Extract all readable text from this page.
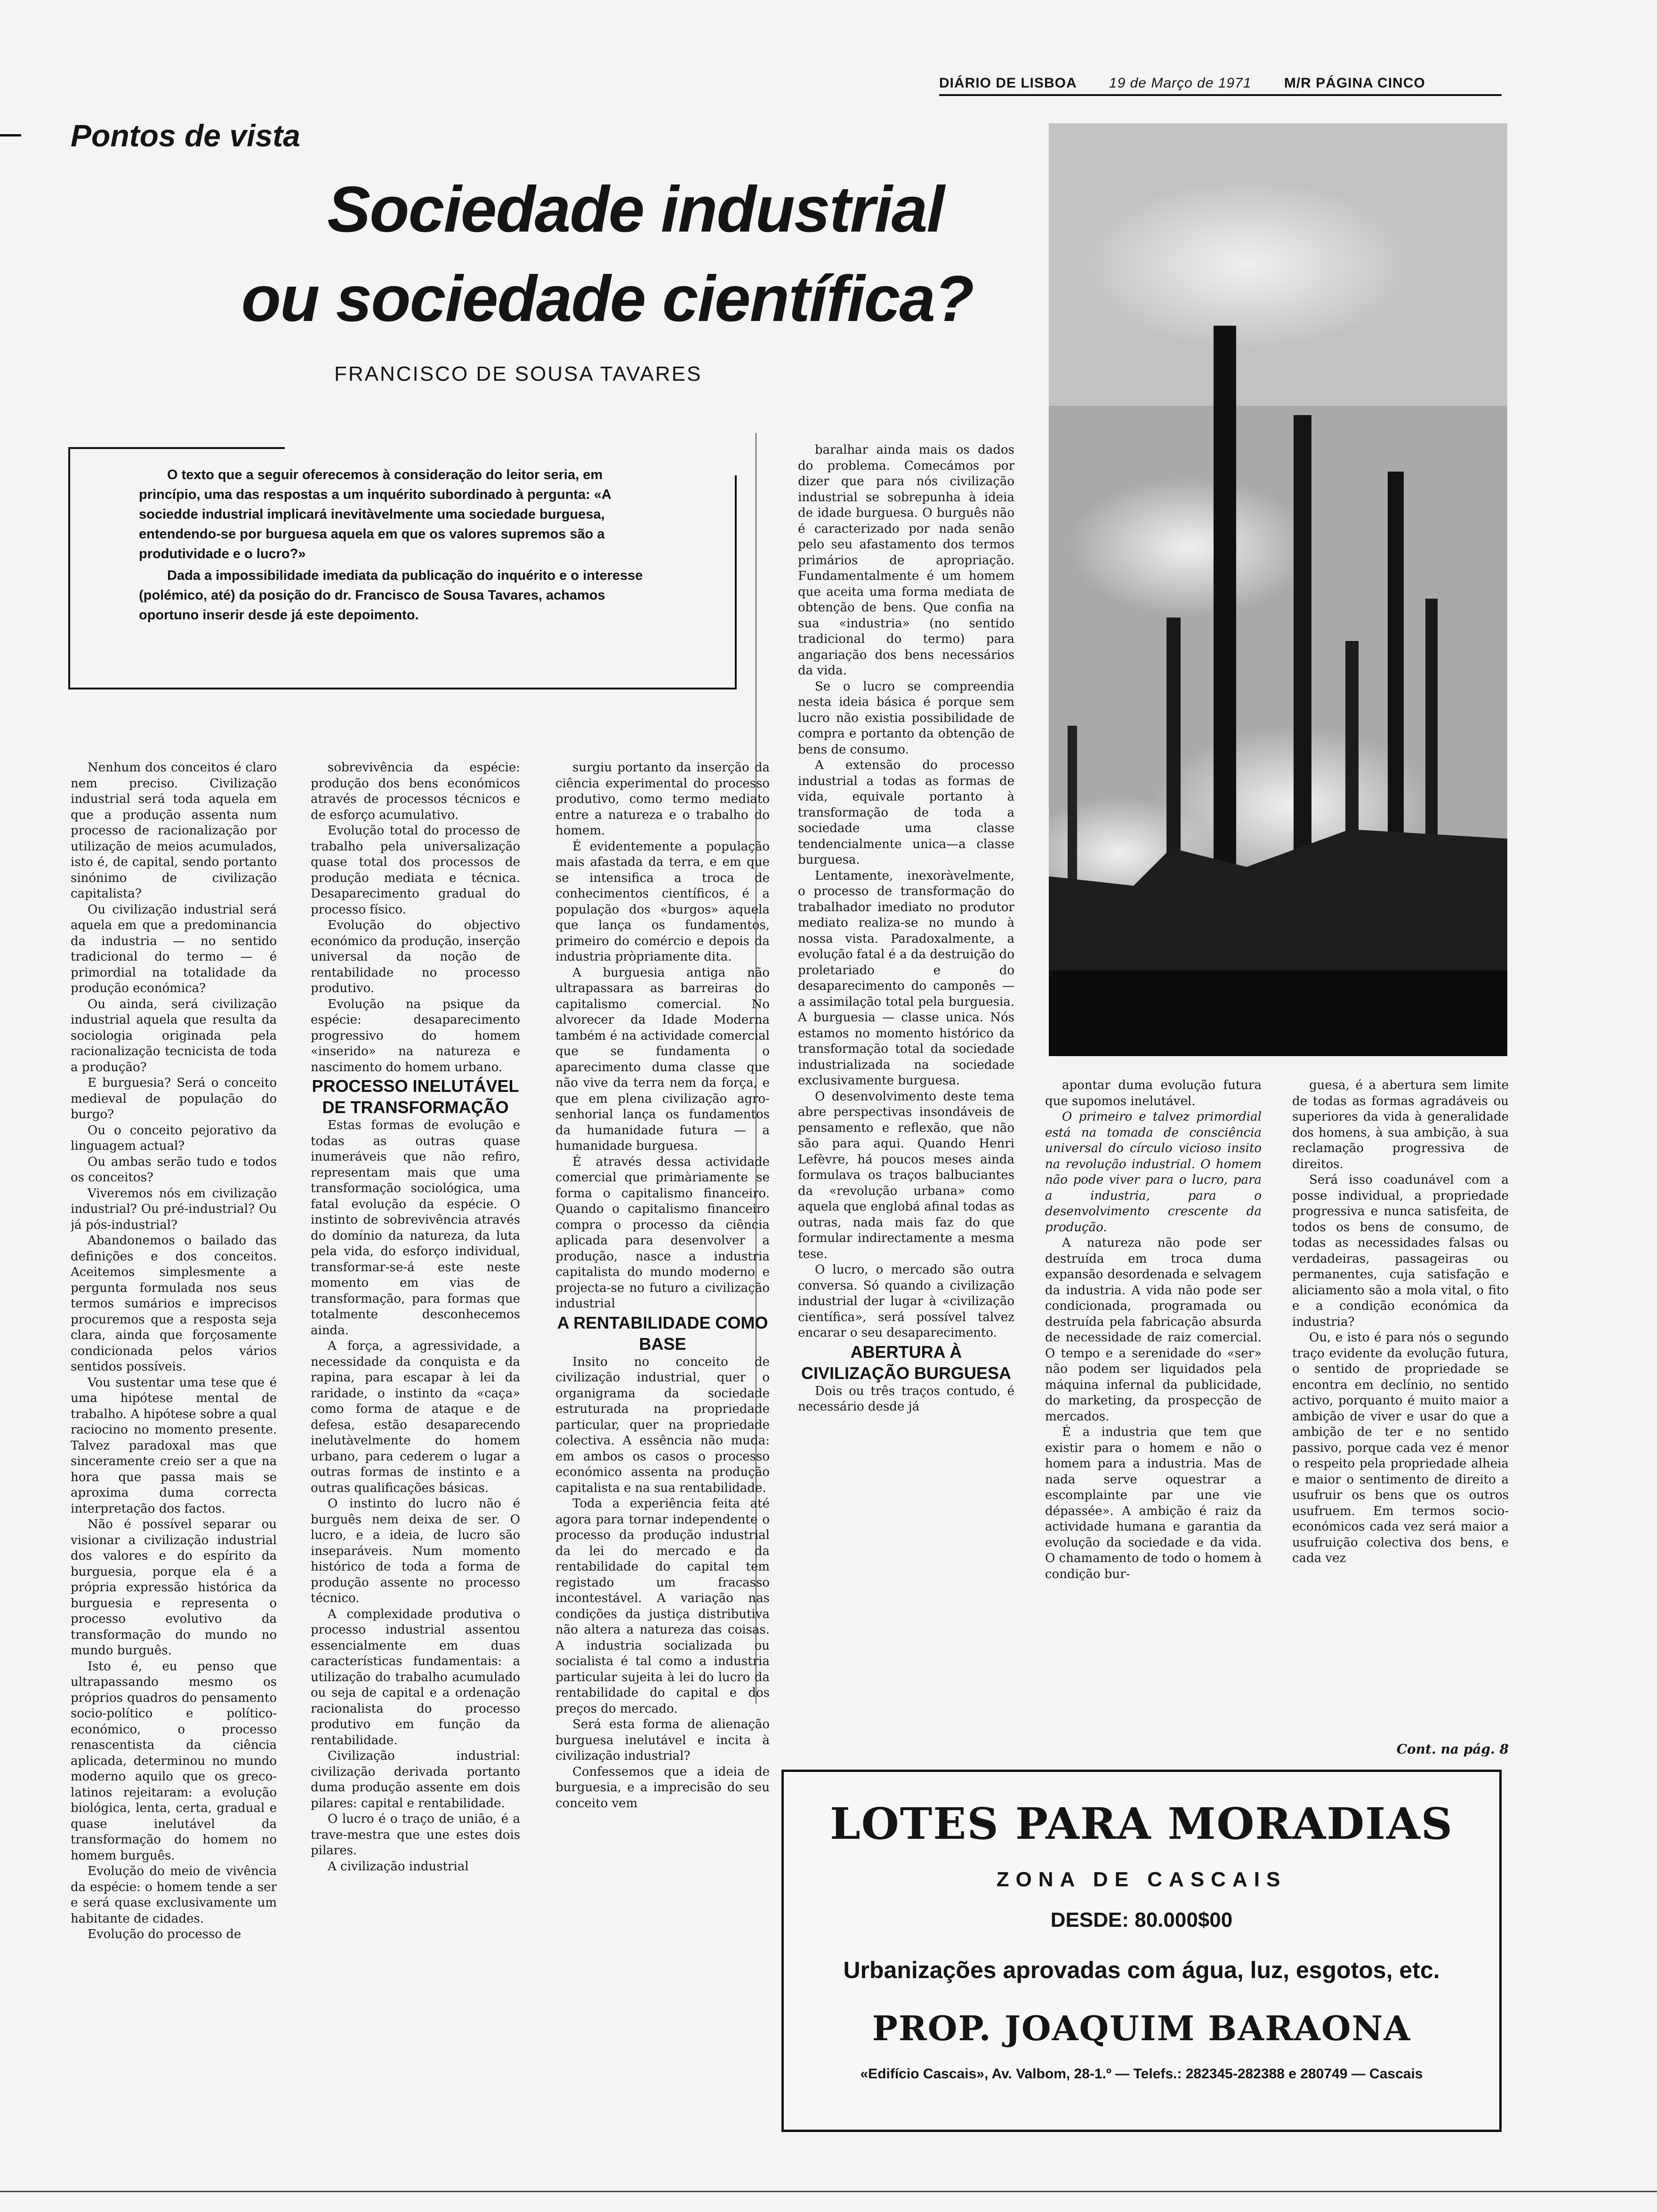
DIÁRIO DE LISBOA 19 de Março de 1971 M/R PÁGINA CINCO
Pontos de vista
Sociedade industrial
ou sociedade científica?
FRANCISCO DE SOUSA TAVARES

O texto que a seguir oferecemos à consideração do leitor seria, em princípio, uma das respostas a um inquérito subordinado à pergunta: «A sociedde industrial implicará inevitàvelmente uma sociedade burguesa, entendendo-se por burguesa aquela em que os valores supremos são a produtividade e o lucro?»

Dada a impossibilidade imediata da publicação do inquérito e o interesse (polémico, até) da posição do dr. Francisco de Sousa Tavares, achamos oportuno inserir desde já este depoimento.

Nenhum dos conceitos é claro nem preciso. Civilização industrial será toda aquela em que a produção assenta num processo de racionalização por utilização de meios acumulados, isto é, de capital, sendo portanto sinónimo de civilização capitalista?

Ou civilização industrial será aquela em que a predominancia da industria — no sentido tradicional do termo — é primordial na totalidade da produção económica?

Ou ainda, será civilização industrial aquela que resulta da sociologia originada pela racionalização tecnicista de toda a produção?

E burguesia? Será o conceito medieval de população do burgo?

Ou o conceito pejorativo da linguagem actual?

Ou ambas serão tudo e todos os conceitos?

Viveremos nós em civilização industrial? Ou pré-industrial? Ou já pós-industrial?

Abandonemos o bailado das definições e dos conceitos. Aceitemos simplesmente a pergunta formulada nos seus termos sumários e imprecisos procuremos que a resposta seja clara, ainda que forçosamente condicionada pelos vários sentidos possíveis.

Vou sustentar uma tese que é uma hipótese mental de trabalho. A hipótese sobre a qual raciocino no momento presente. Talvez paradoxal mas que sinceramente creio ser a que na hora que passa mais se aproxima duma correcta interpretação dos factos.

Não é possível separar ou visionar a civilização industrial dos valores e do espírito da burguesia, porque ela é a própria expressão histórica da burguesia e representa o processo evolutivo da transformação do mundo no mundo burguês.

Isto é, eu penso que ultrapassando mesmo os próprios quadros do pensamento socio-político e político-económico, o processo renascentista da ciência aplicada, determinou no mundo moderno aquilo que os greco-latinos rejeitaram: a evolução biológica, lenta, certa, gradual e quase inelutável da transformação do homem no homem burguês.

Evolução do meio de vivência da espécie: o homem tende a ser e será quase exclusivamente um habitante de cidades.

Evolução do processo de

sobrevivência da espécie: produção dos bens económicos através de processos técnicos e de esforço acumulativo.

Evolução total do processo de trabalho pela universalização quase total dos processos de produção mediata e técnica. Desaparecimento gradual do processo físico.

Evolução do objectivo económico da produção, inserção universal da noção de rentabilidade no processo produtivo.

Evolução na psique da espécie: desaparecimento progressivo do homem «inserido» na natureza e nascimento do homem urbano.

PROCESSO INELUTÁVEL DE TRANSFORMAÇÃO

Estas formas de evolução e todas as outras quase inumeráveis que não refiro, representam mais que uma transformação sociológica, uma fatal evolução da espécie. O instinto de sobrevivência através do domínio da natureza, da luta pela vida, do esforço individual, transformar-se-á este neste momento em vias de transformação, para formas que totalmente desconhecemos ainda.

A força, a agressividade, a necessidade da conquista e da rapina, para escapar à lei da raridade, o instinto da «caça» como forma de ataque e de defesa, estão desaparecendo inelutàvelmente do homem urbano, para cederem o lugar a outras formas de instinto e a outras qualificações básicas.

O instinto do lucro não é burguês nem deixa de ser. O lucro, e a ideia, de lucro são inseparáveis. Num momento histórico de toda a forma de produção assente no processo técnico.

A complexidade produtiva o processo industrial assentou essencialmente em duas características fundamentais: a utilização do trabalho acumulado ou seja de capital e a ordenação racionalista do processo produtivo em função da rentabilidade.

Civilização industrial: civilização derivada portanto duma produção assente em dois pilares: capital e rentabilidade.

O lucro é o traço de união, é a trave-mestra que une estes dois pilares.

A civilização industrial

surgiu portanto da inserção da ciência experimental do processo produtivo, como termo mediato entre a natureza e o trabalho do homem.

É evidentemente a população mais afastada da terra, e em que se intensifica a troca de conhecimentos científicos, é a população dos «burgos» aquela que lança os fundamentos, primeiro do comércio e depois da industria pròpriamente dita.

A burguesia antiga não ultrapassara as barreiras do capitalismo comercial. No alvorecer da Idade Moderna também é na actividade comercial que se fundamenta o aparecimento duma classe que não vive da terra nem da força, e que em plena civilização agro-senhorial lança os fundamentos da humanidade futura — a humanidade burguesa.

É através dessa actividade comercial que primàriamente se forma o capitalismo financeiro. Quando o capitalismo financeiro compra o processo da ciência aplicada para desenvolver a produção, nasce a industria capitalista do mundo moderno e projecta-se no futuro a civilização industrial

A RENTABILIDADE COMO BASE

Insito no conceito de civilização industrial, quer o organigrama da sociedade estruturada na propriedade particular, quer na propriedade colectiva. A essência não muda: em ambos os casos o processo económico assenta na produção capitalista e na sua rentabilidade.

Toda a experiência feita até agora para tornar independente o processo da produção industrial da lei do mercado e da rentabilidade do capital tem registado um fracasso incontestável. A variação nas condições da justiça distributiva não altera a natureza das coisas. A industria socializada ou socialista é tal como a industria particular sujeita à lei do lucro da rentabilidade do capital e dos preços do mercado.

Será esta forma de alienação burguesa inelutável e incita à civilização industrial?

Confessemos que a ideia de burguesia, e a imprecisão do seu conceito vem

baralhar ainda mais os dados do problema. Comecámos por dizer que para nós civilização industrial se sobrepunha à ideia de idade burguesa. O burguês não é caracterizado por nada senão pelo seu afastamento dos termos primários de apropriação. Fundamentalmente é um homem que aceita uma forma mediata de obtenção de bens. Que confia na sua «industria» (no sentido tradicional do termo) para angariação dos bens necessários da vida.

Se o lucro se compreendia nesta ideia básica é porque sem lucro não existia possibilidade de compra e portanto da obtenção de bens de consumo.

A extensão do processo industrial a todas as formas de vida, equivale portanto à transformação de toda a sociedade uma classe tendencialmente unica—a classe burguesa.

Lentamente, inexoràvelmente, o processo de transformação do trabalhador imediato no produtor mediato realiza-se no mundo à nossa vista. Paradoxalmente, a evolução fatal é a da destruição do proletariado e do desaparecimento do camponês — a assimilação total pela burguesia. A burguesia — classe unica. Nós estamos no momento histórico da transformação total da sociedade industrializada na sociedade exclusivamente burguesa.

O desenvolvimento deste tema abre perspectivas insondáveis de pensamento e reflexão, que não são para aqui. Quando Henri Lefèvre, há poucos meses ainda formulava os traços balbuciantes da «revolução urbana» como aquela que englobá afinal todas as outras, nada mais faz do que formular indirectamente a mesma tese.

O lucro, o mercado são outra conversa. Só quando a civilização industrial der lugar à «civilização científica», será possível talvez encarar o seu desaparecimento.

ABERTURA À CIVILIZAÇÃO BURGUESA

Dois ou três traços contudo, é necessário desde já

apontar duma evolução futura que supomos inelutável.

O primeiro e talvez primordial está na tomada de consciência universal do círculo vicioso insito na revolução industrial. O homem não pode viver para o lucro, para a industria, para o desenvolvimento crescente da produção.

A natureza não pode ser destruída em troca duma expansão desordenada e selvagem da industria. A vida não pode ser condicionada, programada ou destruída pela fabricação absurda de necessidade de raiz comercial. O tempo e a serenidade do «ser» não podem ser liquidados pela máquina infernal da publicidade, do marketing, da prospecção de mercados.

É a industria que tem que existir para o homem e não o homem para a industria. Mas de nada serve oquestrar a escomplainte par une vie dépassée». A ambição é raiz da actividade humana e garantia da evolução da sociedade e da vida. O chamamento de todo o homem à condição bur-

guesa, é a abertura sem limite de todas as formas agradáveis ou superiores da vida à generalidade dos homens, à sua ambição, à sua reclamação progressiva de direitos.

Será isso coadunável com a posse individual, a propriedade progressiva e nunca satisfeita, de todos os bens de consumo, de todas as necessidades falsas ou verdadeiras, passageiras ou permanentes, cuja satisfação e aliciamento são a mola vital, o fito e a condição económica da industria?

Ou, e isto é para nós o segundo traço evidente da evolução futura, o sentido de propriedade se encontra em declínio, no sentido activo, porquanto é muito maior a ambição de viver e usar do que a ambição de ter e no sentido passivo, porque cada vez é menor o respeito pela propriedade alheia e maior o sentimento de direito a usufruir os bens que os outros usufruem. Em termos socio-económicos cada vez será maior a usufruição colectiva dos bens, e cada vez

Cont. na pág. 8
LOTES PARA MORADIAS
ZONA DE CASCAIS
DESDE: 80.000$00
Urbanizações aprovadas com água, luz, esgotos, etc.
PROP. JOAQUIM BARAONA
«Edifício Cascais», Av. Valbom, 28-1.º — Telefs.: 282345-282388 e 280749 — Cascais
